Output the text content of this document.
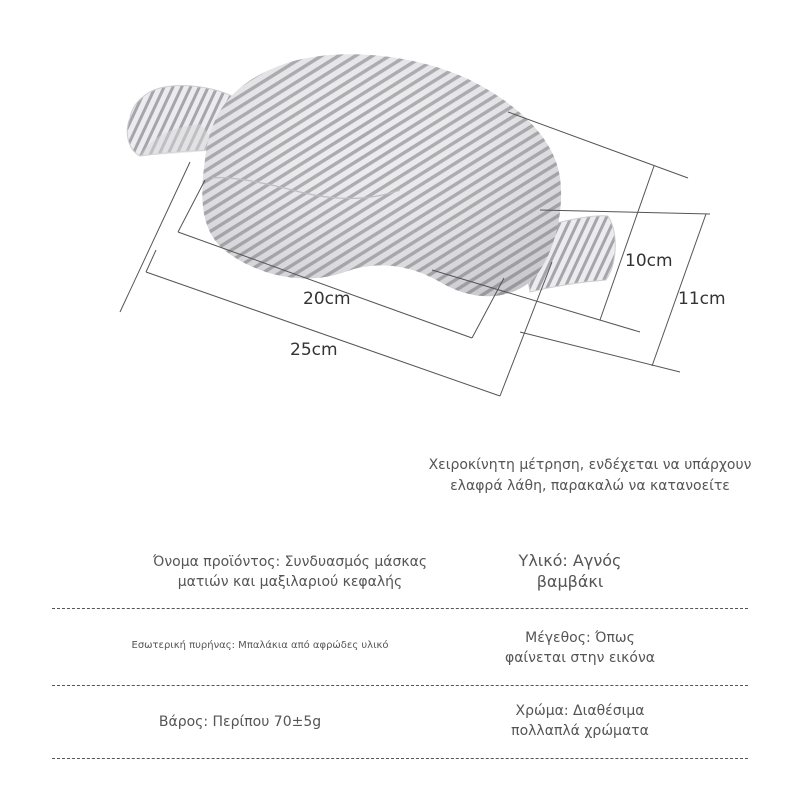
20cm
25cm
10cm
11cm
Χειροκίνητη μέτρηση, ενδέχεται να υπάρχουν
ελαφρά λάθη, παρακαλώ να κατανοείτε
Όνομα προϊόντος: Συνδυασμός μάσκας
ματιών και μαξιλαριού κεφαλής
Υλικό: Αγνός
βαμβάκι
Εσωτερική πυρήνας: Μπαλάκια από αφρώδες υλικό	Μέγεθος: Όπως
φαίνεται στην εικόνα
Βάρος: Περίπου 70±5g
Χρώμα: Διαθέσιμα
πολλαπλά χρώματα
